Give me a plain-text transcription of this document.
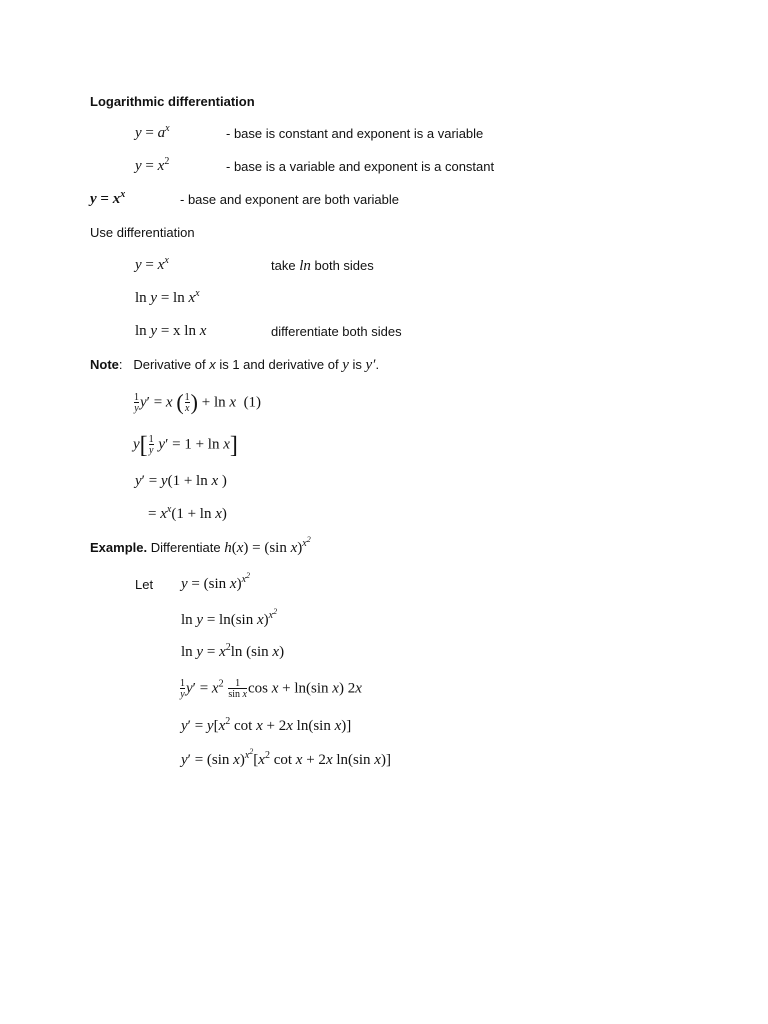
Logarithmic differentiation
$y = a^x$	- base is constant and exponent is a variable
$y = x^2$	- base is a variable and exponent is a constant
$y = x^x$	- base and exponent are both variable
Use differentiation
$y = x^x$	take ln both sides
$\ln y = \ln x^x$
ln y = x ln x	differentiate both sides
Note:   Derivative of x is 1 and derivative of y is y′.
$\frac{1}{y} y' = x$ ( $\frac{1}{x}$ ) + ln x  (1)
$y[ \frac{1}{y} y' = 1 + \ln x]$
y′ = y(1 + ln x )
= $x^x(1 + \ln x)$
Example. Differentiate h(x) = (sin x)$^{x^2}$
Let y = (sin x)$^{x^2}$
ln y = ln(sin x)$^{x^2}$
$\ln y = x^2\ln$ (sin x)
$\frac{1}{y} y' = x^2 \frac{1}{\text{sin x}}$ cos x + ln(sin x) 2x
$y' = y[x^2$ cot x + 2x ln(sin x)]
y′ = (sin $x)^{x^2}[x^2$ cot x + 2x ln(sin x)]
